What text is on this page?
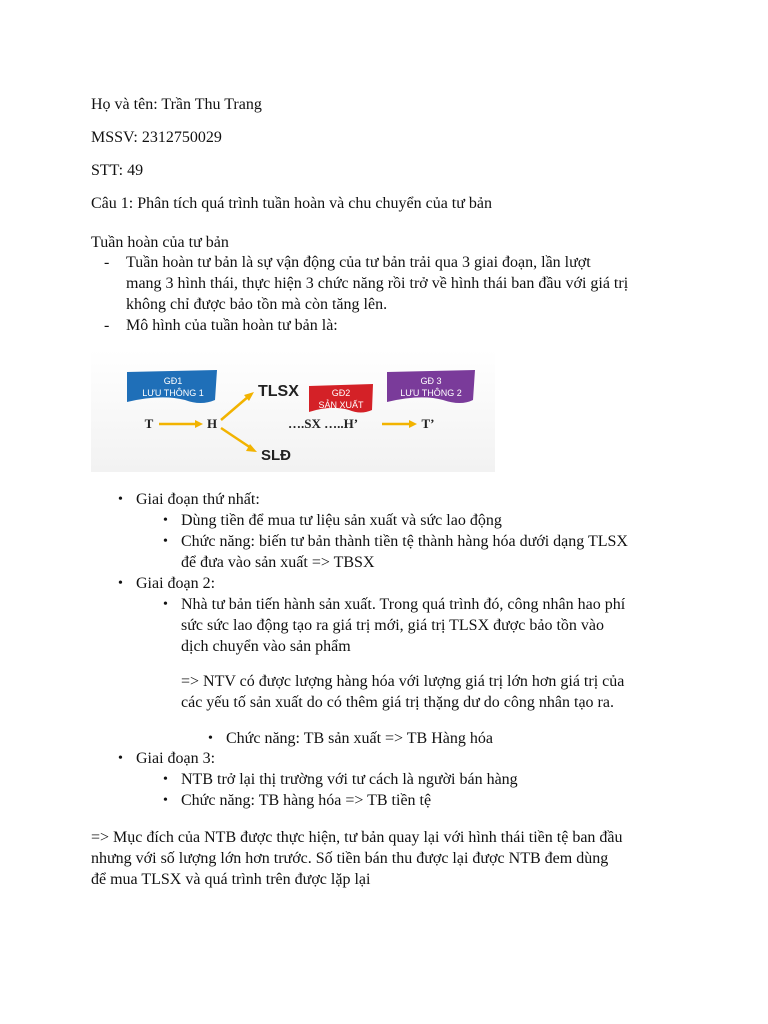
Họ và tên: Trần Thu Trang
MSSV: 2312750029
STT: 49
Câu 1: Phân tích quá trình tuần hoàn và chu chuyển của tư bản
Tuần hoàn của tư bản
- Tuần hoàn tư bản là sự vận động của tư bản trải qua 3 giai đoạn, lần lượt
mang 3 hình thái, thực hiện 3 chức năng rồi trở về hình thái ban đầu với giá trị
không chỉ được bảo tồn mà còn tăng lên.
- Mô hình của tuần hoàn tư bản là:
GĐ1
LƯU THÔNG 1	GĐ2
SẢN XUẤT
GĐ 3
LƯU THÔNG 2
T	H
TLSX
SLĐ
….SX …..H’	T’
• Giai đoạn thứ nhất:
• Dùng tiền để mua tư liệu sản xuất và sức lao động
• Chức năng: biến tư bản thành tiền tệ thành hàng hóa dưới dạng TLSX
để đưa vào sản xuất => TBSX
• Giai đoạn 2:
• Nhà tư bản tiến hành sản xuất. Trong quá trình đó, công nhân hao phí
sức sức lao động tạo ra giá trị mới, giá trị TLSX được bảo tồn vào
dịch chuyển vào sản phẩm
=> NTV có được lượng hàng hóa với lượng giá trị lớn hơn giá trị của
các yếu tố sản xuất do có thêm giá trị thặng dư do công nhân tạo ra.
• Chức năng: TB sản xuất => TB Hàng hóa
• Giai đoạn 3:
• NTB trở lại thị trường với tư cách là người bán hàng
• Chức năng: TB hàng hóa => TB tiền tệ
=> Mục đích của NTB được thực hiện, tư bản quay lại với hình thái tiền tệ ban đầu
nhưng với số lượng lớn hơn trước. Số tiền bán thu được lại được NTB đem dùng
để mua TLSX và quá trình trên được lặp lại
